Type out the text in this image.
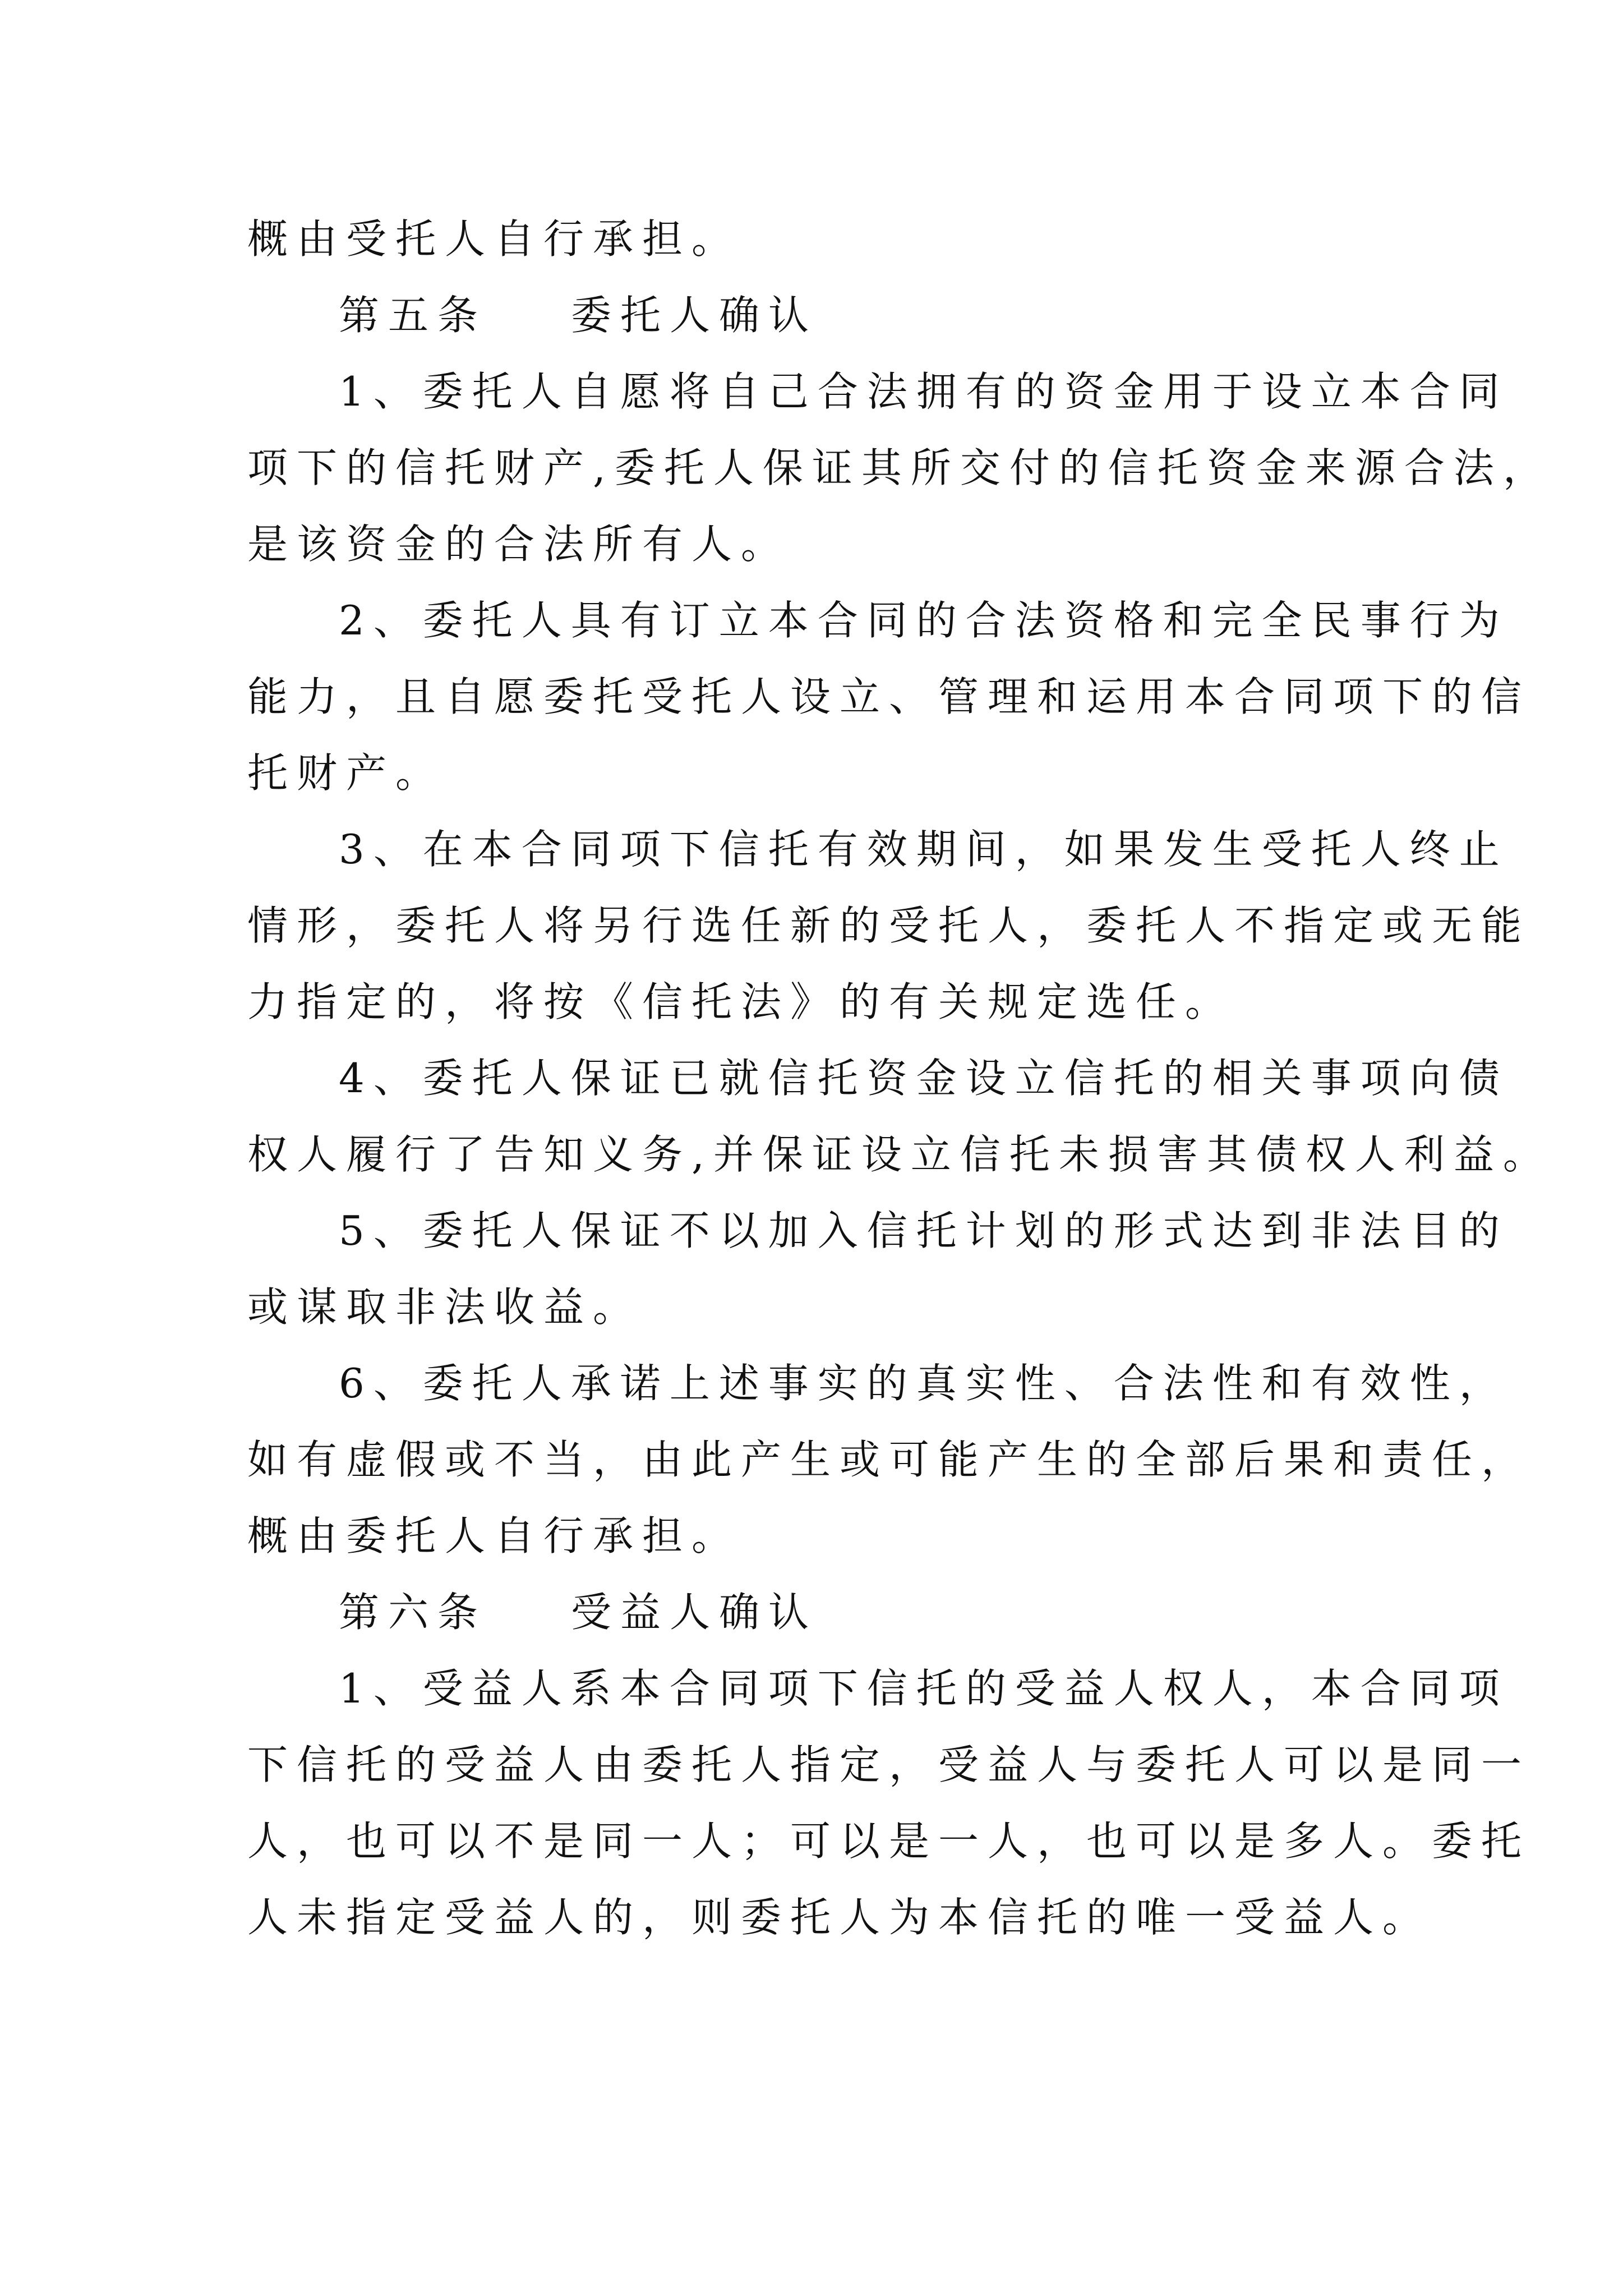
概由受托人自行承担。
第五条 委托人确认
1、委托人自愿将自己合法拥有的资金用于设立本合同
项下的信托财产,委托人保证其所交付的信托资金来源合法，
是该资金的合法所有人。
2、委托人具有订立本合同的合法资格和完全民事行为
能力，且自愿委托受托人设立、管理和运用本合同项下的信
托财产。
3、在本合同项下信托有效期间，如果发生受托人终止
情形，委托人将另行选任新的受托人，委托人不指定或无能
力指定的，将按《信托法》的有关规定选任。
4、委托人保证已就信托资金设立信托的相关事项向债
权人履行了告知义务,并保证设立信托未损害其债权人利益。
5、委托人保证不以加入信托计划的形式达到非法目的
或谋取非法收益。
6、委托人承诺上述事实的真实性、合法性和有效性，
如有虚假或不当，由此产生或可能产生的全部后果和责任，
概由委托人自行承担。
第六条 受益人确认
1、受益人系本合同项下信托的受益人权人，本合同项
下信托的受益人由委托人指定，受益人与委托人可以是同一
人，也可以不是同一人；可以是一人，也可以是多人。委托
人未指定受益人的，则委托人为本信托的唯一受益人。
